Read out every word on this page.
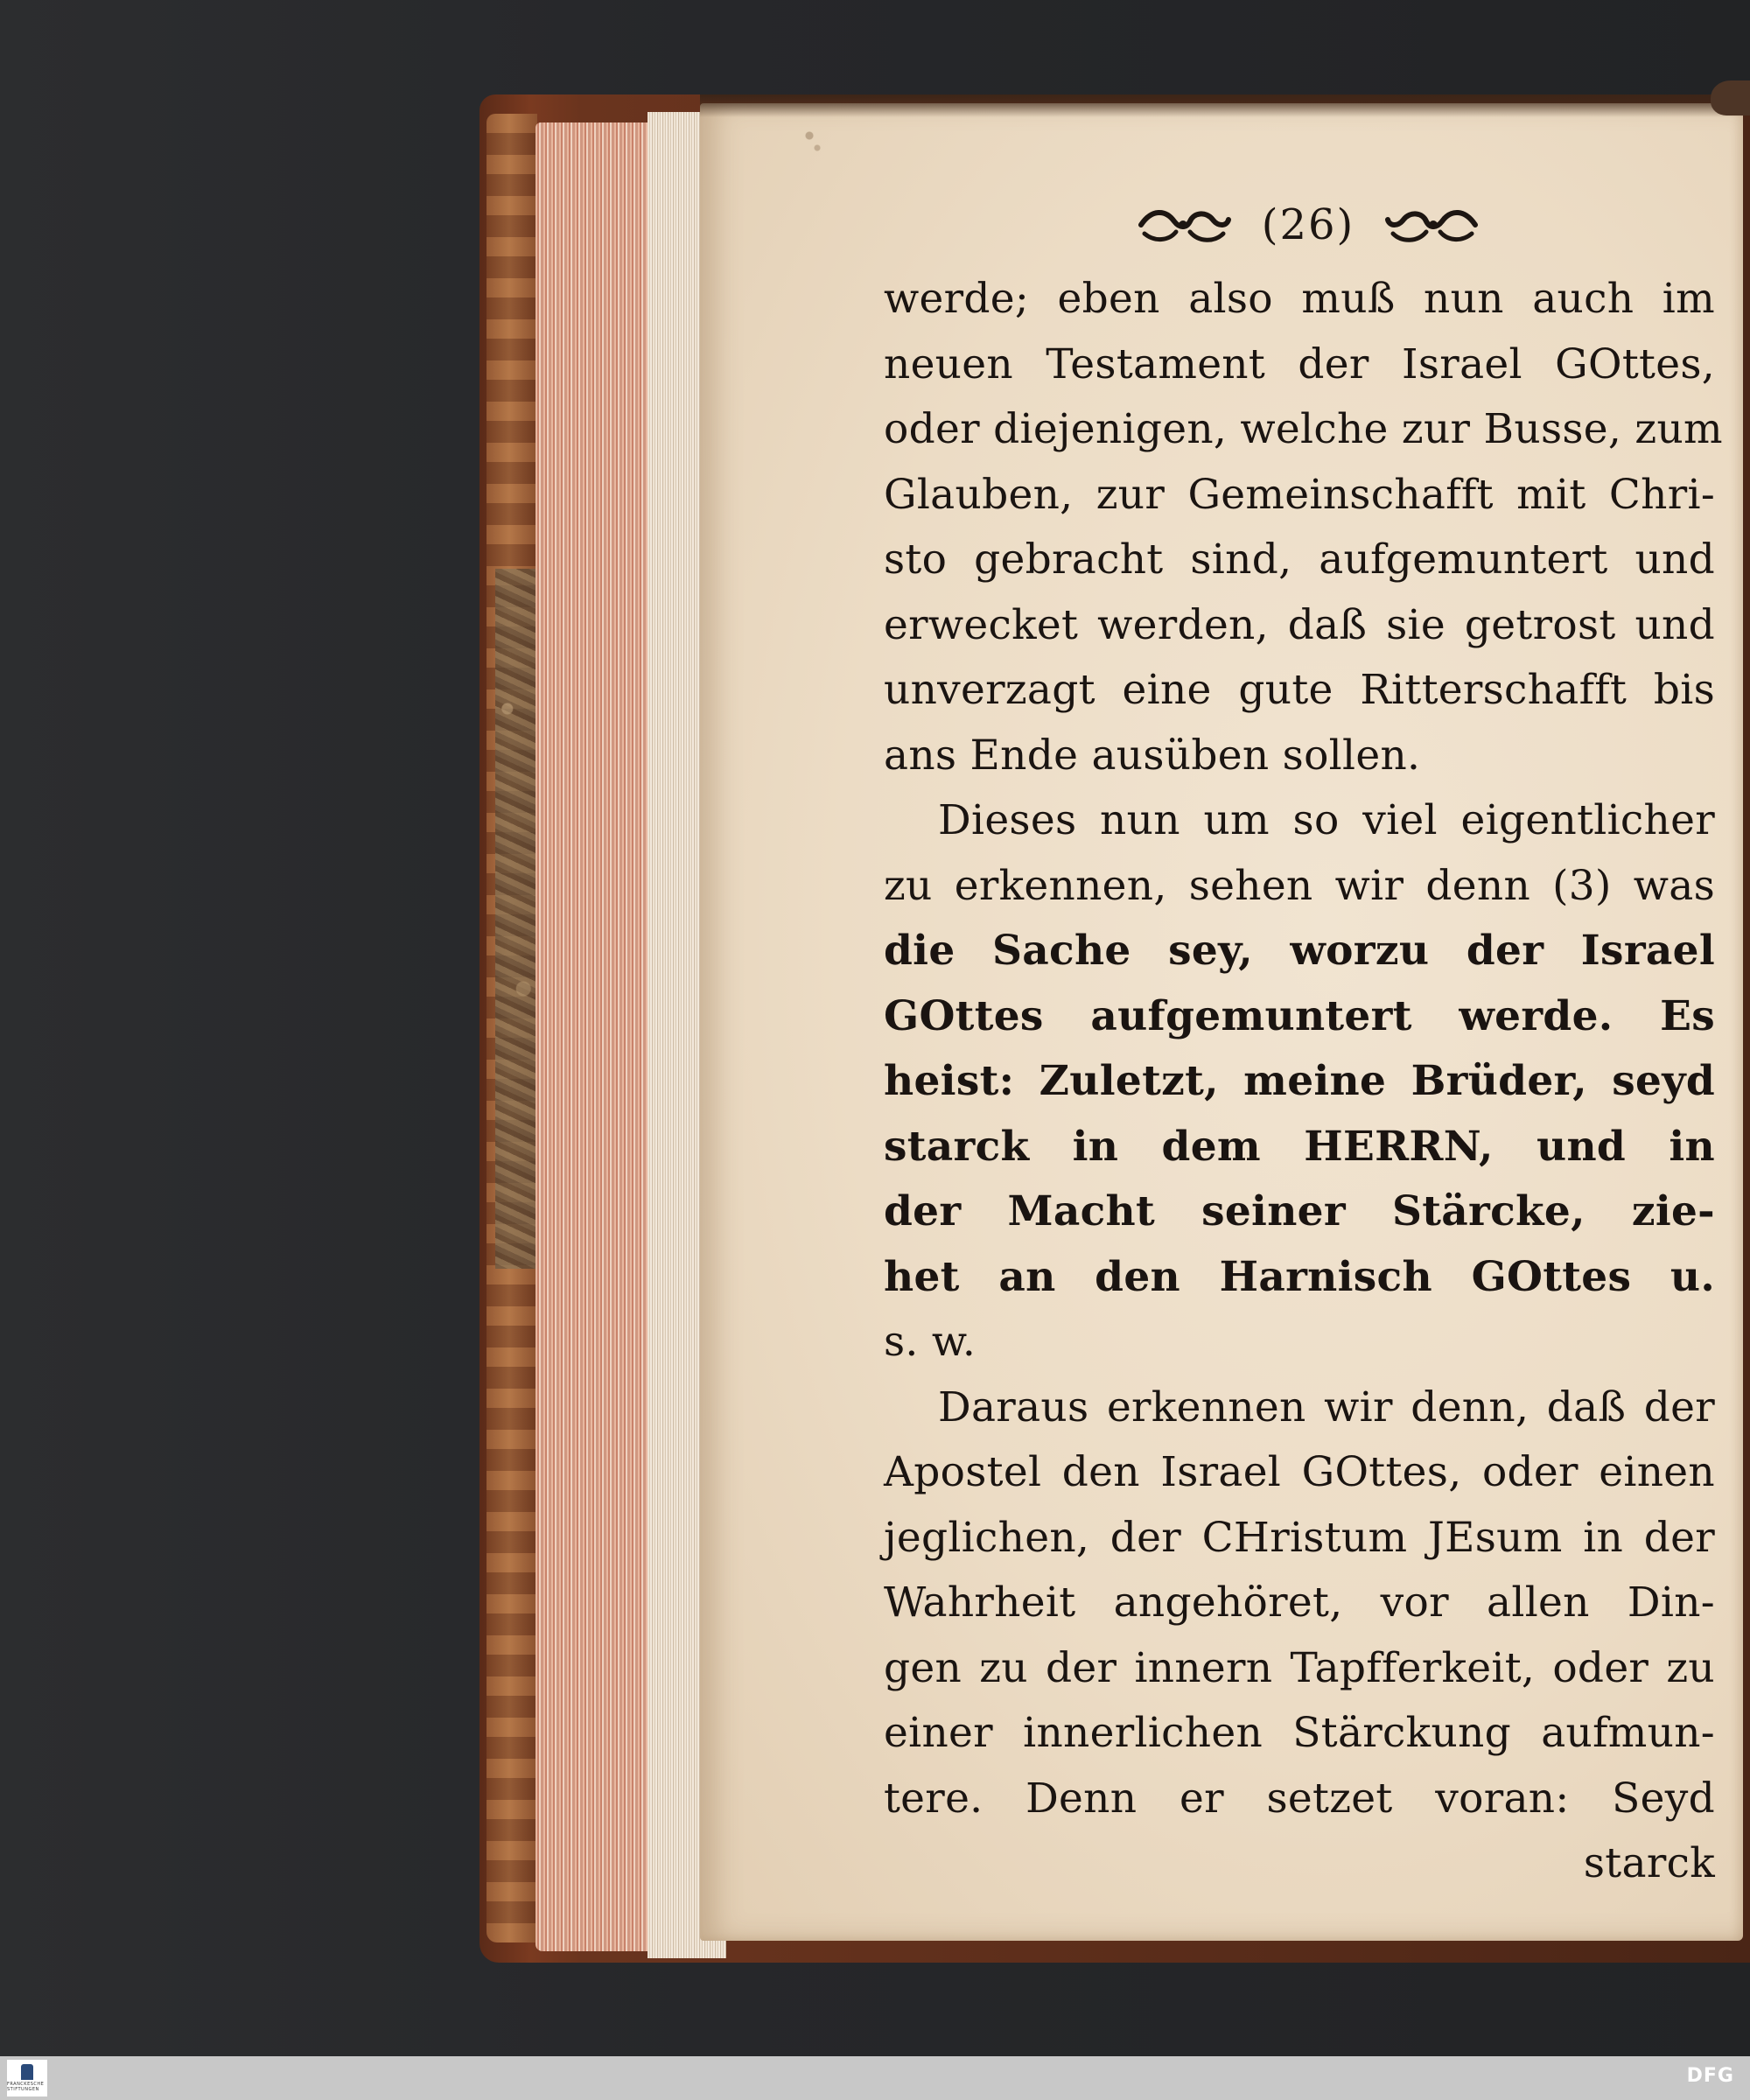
(26)
werde; eben also muß nun auch im
neuen Testament der Israel GOttes,
oder diejenigen, welche zur Busse, zum
Glauben, zur Gemeinschafft mit Chri-
sto gebracht sind, aufgemuntert und
erwecket werden, daß sie getrost und
unverzagt eine gute Ritterschafft bis
ans Ende ausüben sollen.
Dieses nun um so viel eigentlicher
zu erkennen, sehen wir denn (3) was
die Sache sey, worzu der Israel
GOttes aufgemuntert werde. Es
heist: Zuletzt, meine Brüder, seyd
starck in dem HERRN, und in
der Macht seiner Stärcke, zie-
het an den Harnisch GOttes u.
s. w.
Daraus erkennen wir denn, daß der
Apostel den Israel GOttes, oder einen
jeglichen, der CHristum JEsum in der
Wahrheit angehöret, vor allen Din-
gen zu der innern Tapfferkeit, oder zu
einer innerlichen Stärckung aufmun-
tere. Denn er setzet voran: Seyd
starck
FRANCKESCHE STIFTUNGEN
DFG
